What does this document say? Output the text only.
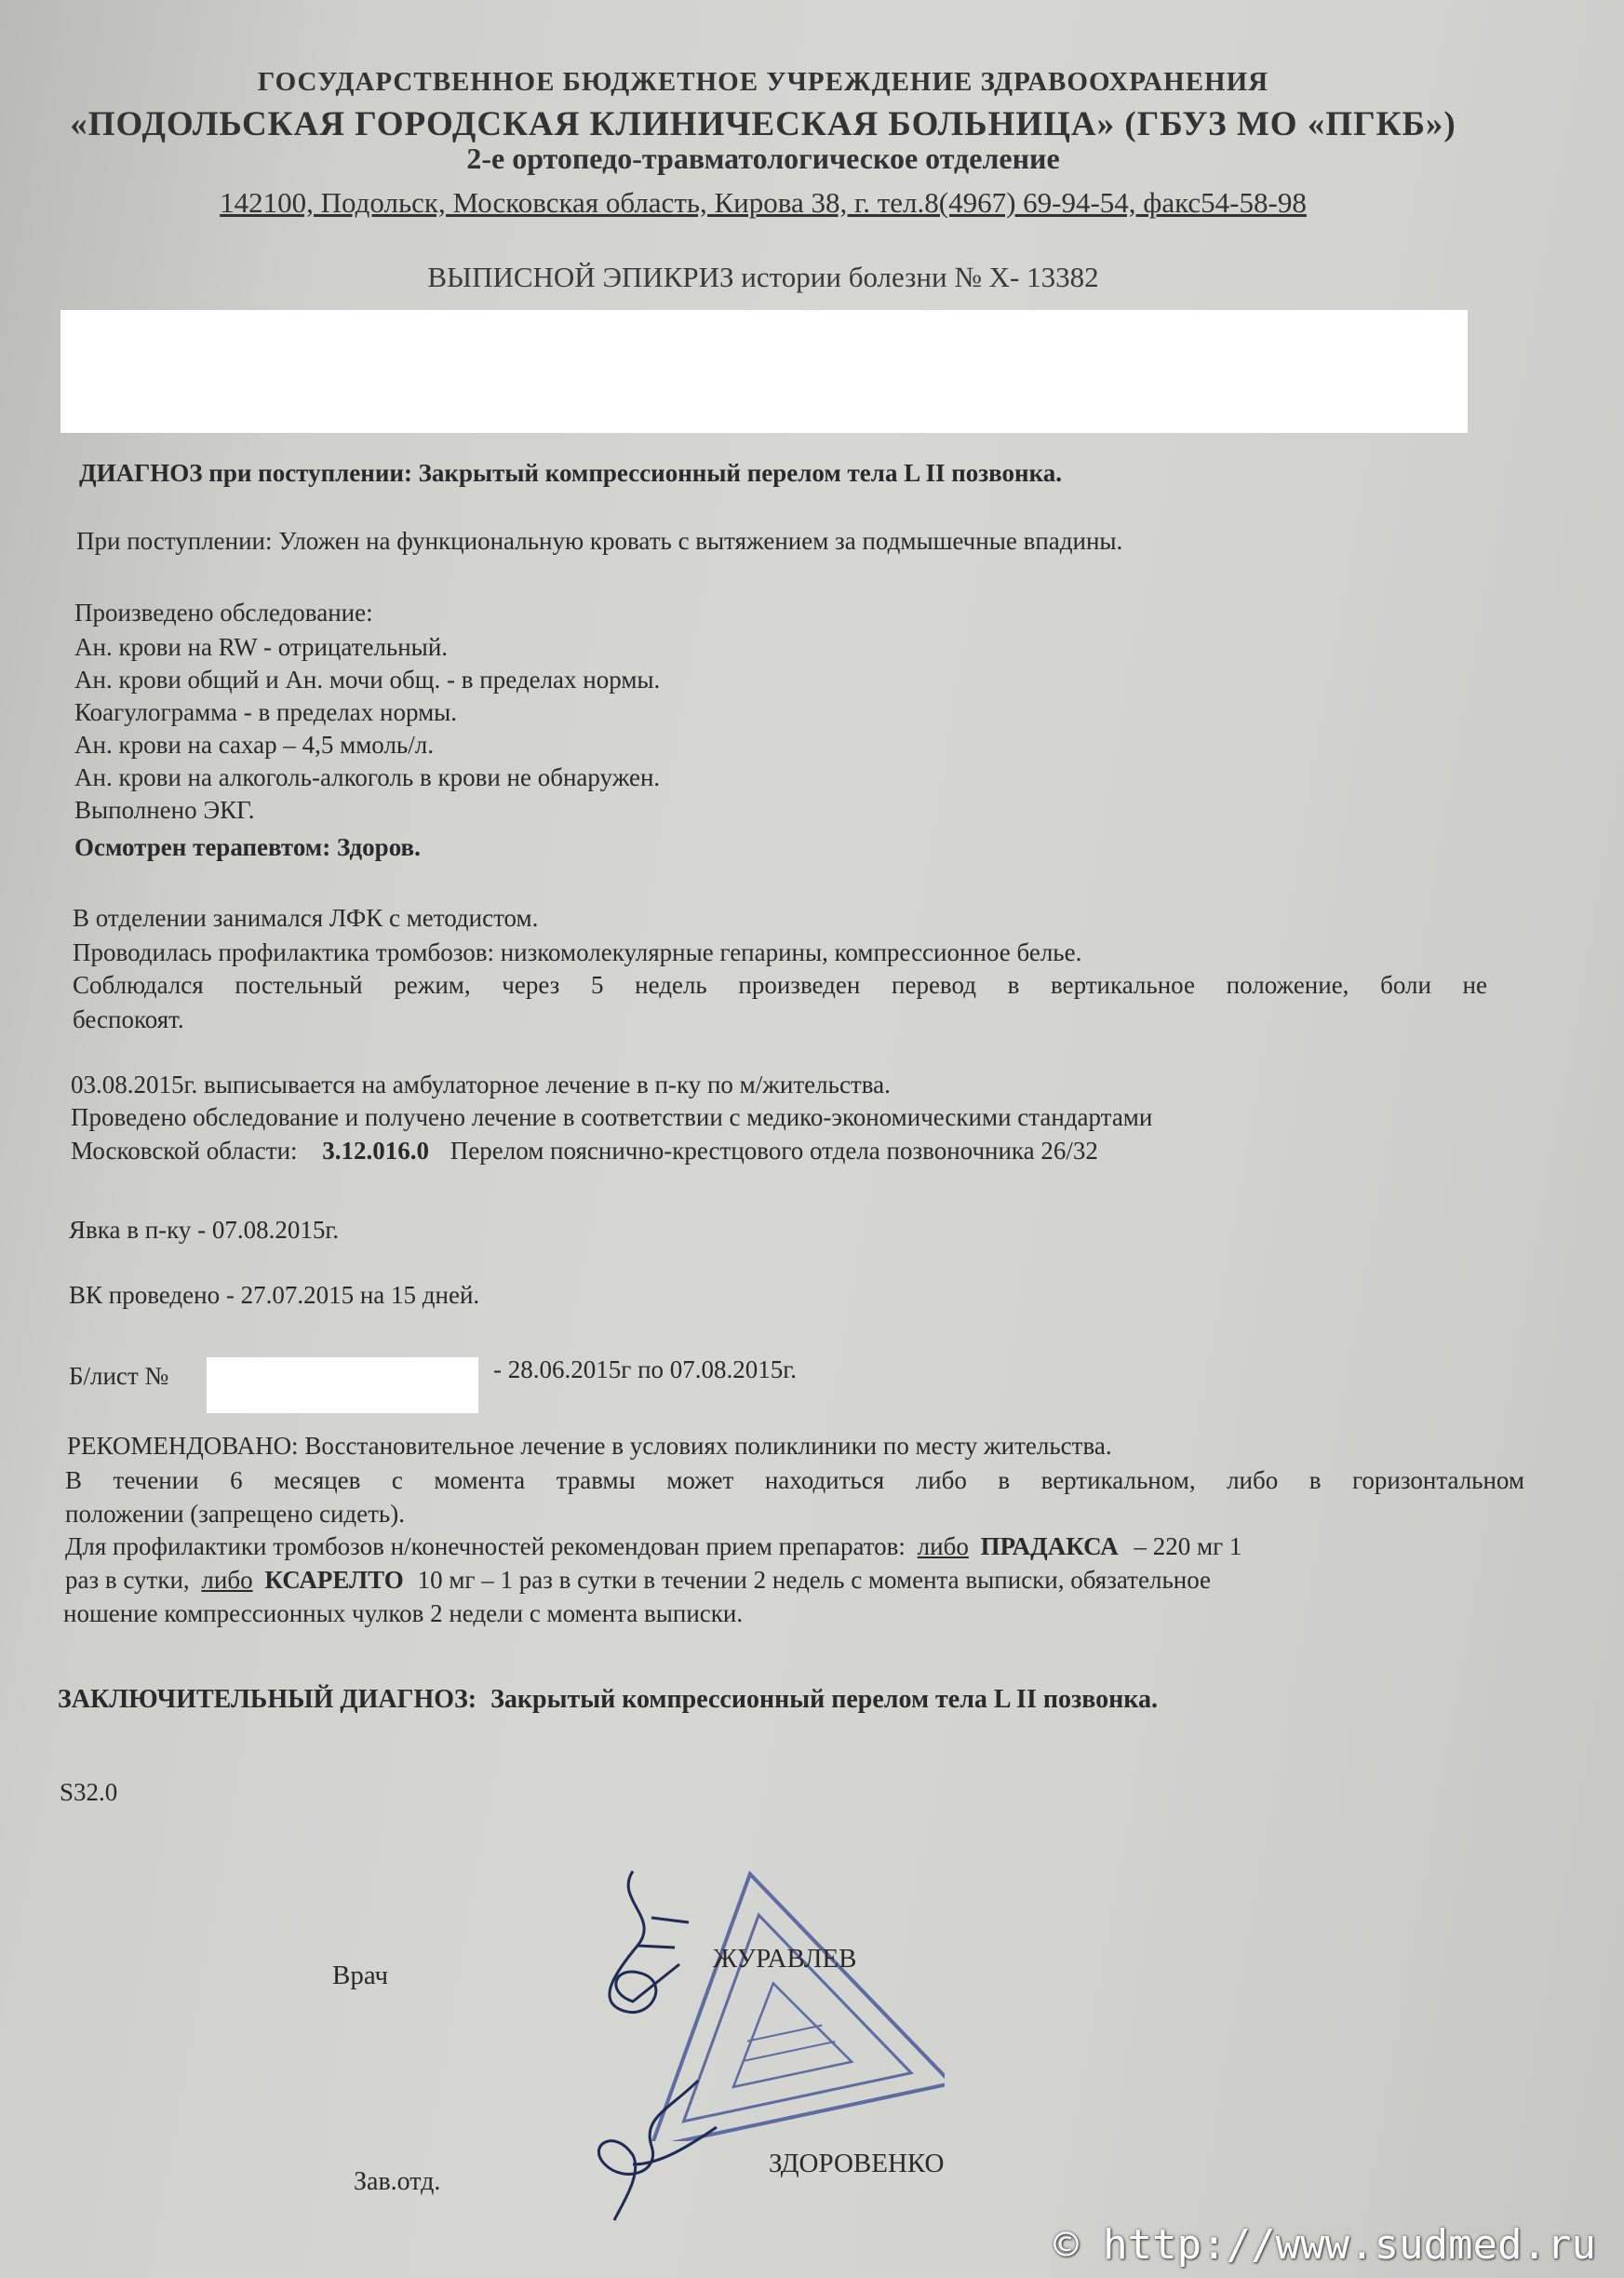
ГОСУДАРСТВЕННОЕ БЮДЖЕТНОЕ УЧРЕЖДЕНИЕ ЗДРАВООХРАНЕНИЯ
«ПОДОЛЬСКАЯ ГОРОДСКАЯ КЛИНИЧЕСКАЯ БОЛЬНИЦА» (ГБУЗ МО «ПГКБ»)
2-е ортопедо-травматологическое отделение
142100, Подольск, Московская область, Кирова 38, г. тел.8(4967) 69-94-54, факс54-58-98
ВЫПИСНОЙ ЭПИКРИЗ истории болезни № Х- 13382
ДИАГНОЗ при поступлении: Закрытый компрессионный перелом тела L II позвонка.
При поступлении: Уложен на функциональную кровать с вытяжением за подмышечные впадины.
Произведено обследование:
Ан. крови на RW - отрицательный.
Ан. крови общий и Ан. мочи общ. - в пределах нормы.
Коагулограмма - в пределах нормы.
Ан. крови на сахар – 4,5 ммоль/л.
Ан. крови на алкоголь-алкоголь в крови не обнаружен.
Выполнено ЭКГ.
Осмотрен терапевтом: Здоров.
В отделении занимался ЛФК с методистом.
Проводилась профилактика тромбозов: низкомолекулярные гепарины, компрессионное белье.
Соблюдался постельный режим, через 5 недель произведен перевод в вертикальное положение, боли не
беспокоят.
03.08.2015г. выписывается на амбулаторное лечение в п-ку по м/жительства.
Проведено обследование и получено лечение в соответствии с медико-экономическими стандартами
Московской области: 3.12.016.0 Перелом пояснично-крестцового отдела позвоночника 26/32
Явка в п-ку - 07.08.2015г.
ВК проведено - 27.07.2015 на 15 дней.
Б/лист №	- 28.06.2015г по 07.08.2015г.
РЕКОМЕНДОВАНО: Восстановительное лечение в условиях поликлиники по месту жительства.
В течении 6 месяцев с момента травмы может находиться либо в вертикальном, либо в горизонтальном
положении (запрещено сидеть).
Для профилактики тромбозов н/конечностей рекомендован прием препаратов: либо ПРАДАКСА – 220 мг 1
раз в сутки, либо КСАРЕЛТО 10 мг – 1 раз в сутки в течении 2 недель с момента выписки, обязательное
ношение компрессионных чулков 2 недели с момента выписки.
ЗАКЛЮЧИТЕЛЬНЫЙ ДИАГНОЗ: Закрытый компрессионный перелом тела L II позвонка.
S32.0
Врач
ЖУРАВЛЕВ
Зав.отд.
ЗДОРОВЕНКО
© http://www.sudmed.ru
